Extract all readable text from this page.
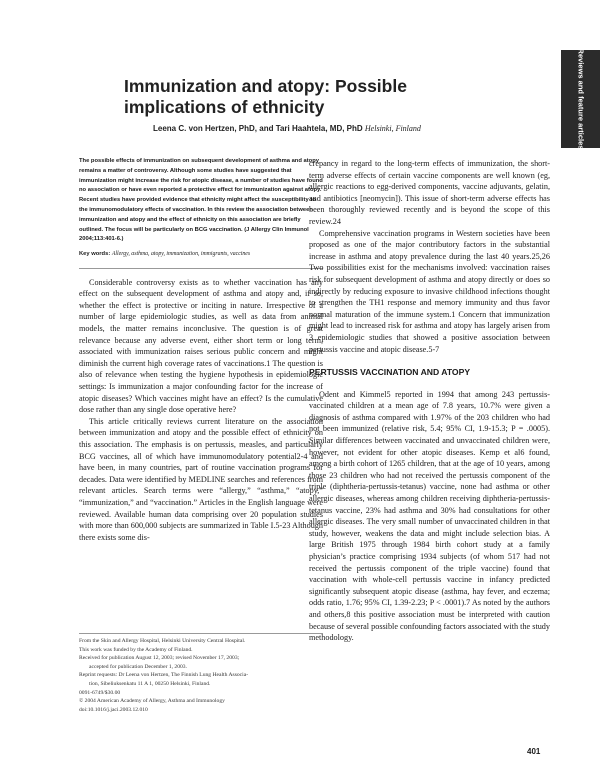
Reviews and feature articles
Immunization and atopy: Possible implications of ethnicity
Leena C. von Hertzen, PhD, and Tari Haahtela, MD, PhD Helsinki, Finland

The possible effects of immunization on subsequent development of asthma and atopy remains a matter of controversy. Although some studies have suggested that immunization might increase the risk for atopic disease, a number of studies have found no association or have even reported a protective effect for immunization against atopy. Recent studies have provided evidence that ethnicity might affect the susceptibility to the immunomodulatory effects of vaccination. In this review the association between immunization and atopy and the effect of ethnicity on this association are briefly outlined. The focus will be particularly on BCG vaccination. (J Allergy Clin Immunol 2004;113:401-6.)

Key words: Allergy, asthma, atopy, immunization, immigrants, vaccines

Considerable controversy exists as to whether vaccination has any effect on the subsequent development of asthma and atopy and, if so, whether the effect is protective or inciting in nature. Irrespective of a number of large epidemiologic studies, as well as data from animal models, the matter remains inconclusive. The question is of great relevance because any adverse event, either short term or long term, associated with immunization raises serious public concern and might diminish the current high coverage rates of vaccinations.1 The question is also of relevance when testing the hygiene hypothesis in epidemiologic settings: Is immunization a major confounding factor for the increase of atopic diseases? Which vaccines might have an effect? Is the cumulative dose rather than any single dose operative here?

This article critically reviews current literature on the association between immunization and atopy and the possible effect of ethnicity on this association. The emphasis is on pertussis, measles, and particularly BCG vaccines, all of which have immunomodulatory potential2-4 and have been, in many countries, part of routine vaccination programs for decades. Data were identified by MEDLINE searches and references from relevant articles. Search terms were “allergy,” “asthma,” “atopy,” “immunization,” and “vaccination.” Articles in the English language were reviewed. Available human data comprising over 20 population studies with more than 600,000 subjects are summarized in Table I.5-23 Although there exists some dis-

crepancy in regard to the long-term effects of immunization, the short-term adverse effects of certain vaccine components are well known (eg, allergic reactions to egg-derived components, vaccine adjuvants, gelatin, and antibiotics [neomycin]). This issue of short-term adverse effects has been thoroughly reviewed recently and is beyond the scope of this review.24

Comprehensive vaccination programs in Western societies have been proposed as one of the major contributory factors in the substantial increase in asthma and atopy prevalence during the last 40 years.25,26 Two possibilities exist for the mechanisms involved: vaccination raises risk for subsequent development of asthma and atopy directly or does so indirectly by reducing exposure to invasive childhood infections thought to strengthen the TH1 response and memory immunity and thus favor normal maturation of the immune system.1 Concern that immunization might lead to increased risk for asthma and atopy has largely arisen from 3 epidemiologic studies that showed a positive association between pertussis vaccine and atopic disease.5-7

PERTUSSIS VACCINATION AND ATOPY

Odent and Kimmel5 reported in 1994 that among 243 pertussis-vaccinated children at a mean age of 7.8 years, 10.7% were given a diagnosis of asthma compared with 1.97% of the 203 children who had not been immunized (relative risk, 5.4; 95% CI, 1.9-15.3; P = .0005). Similar differences between vaccinated and unvaccinated children were, however, not evident for other atopic diseases. Kemp et al6 found, among a birth cohort of 1265 children, that at the age of 10 years, among those 23 children who had not received the pertussis component of the triple (diphtheria-pertussis-tetanus) vaccine, none had asthma or other allergic diseases, whereas among children receiving diphtheria-pertussis-tetanus vaccine, 23% had asthma and 30% had consultations for other allergic diseases. The very small number of unvaccinated children in that study, however, weakens the data and might include selection bias. A large British 1975 through 1984 birth cohort study at a family physician’s practice comprising 1934 subjects (of whom 517 had not received the pertussis component of the triple vaccine) found that vaccination with whole-cell pertussis vaccine in infancy predicted significantly subsequent atopic disease (asthma, hay fever, and eczema; odds ratio, 1.76; 95% CI, 1.39-2.23; P < .0001).7 As noted by the authors and others,8 this positive association must be interpreted with caution because of several possible confounding factors associated with the study methodology.

From the Skin and Allergy Hospital, Helsinki University Central Hospital.
This work was funded by the Academy of Finland.
Received for publication August 12, 2003; revised November 17, 2003;
accepted for publication December 1, 2003.
Reprint requests: Dr Leena von Hertzen, The Finnish Lung Health Associa-
tion, Sibeliuksenkatu 11 A 1, 00250 Helsinki, Finland.
0091-6749/$30.00
© 2004 American Academy of Allergy, Asthma and Immunology
doi:10.1016/j.jaci.2003.12.010
401
